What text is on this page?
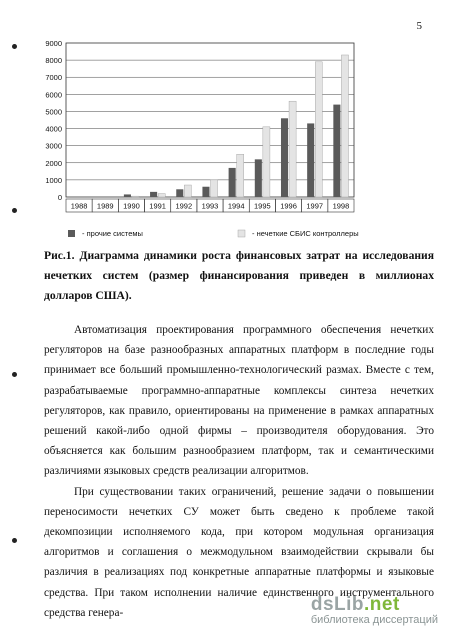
5
0
1000
2000
3000
4000
5000
6000
7000
8000
9000
1988 1989 1990 1991 1992 1993 1994 1995 1996 1997 1998
- прочие системы	- нечеткие СБИС контроллеры
Рис.1. Диаграмма динамики роста финансовых затрат на исследования нечетких систем (размер финансирования приведен в миллионах долларов США).

Автоматизация проектирования программного обеспечения нечетких регуляторов на базе разнообразных аппаратных платформ в последние годы принимает все больший промышленно-технологический размах. Вместе с тем, разрабатываемые программно-аппаратные комплексы синтеза нечетких регуляторов, как правило, ориентированы на применение в рамках аппаратных решений какой-либо одной фирмы – производителя оборудования. Это объясняется как большим разнообразием платформ, так и семантическими различиями языковых средств реализации алгоритмов.

При существовании таких ограничений, решение задачи о повышении переносимости нечетких СУ может быть сведено к проблеме такой декомпозиции исполняемого кода, при котором модульная организация алгоритмов и соглашения о межмодульном взаимодействии скрывали бы различия в реализациях под конкретные аппаратные платформы и языковые средства. При таком исполнении наличие единственного инструментального средства генера-	dsLib.net
библиотека диссертаций
